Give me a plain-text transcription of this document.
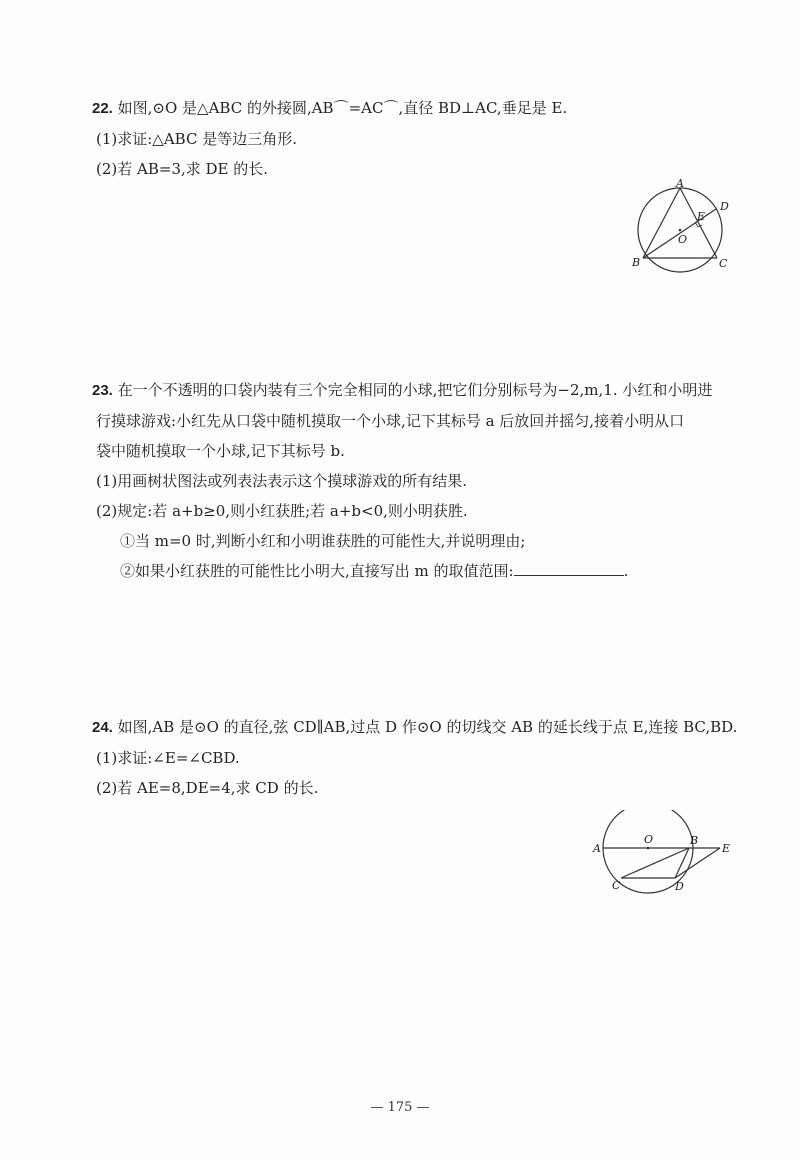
22. 如图,⊙O 是△ABC 的外接圆,AB⌒=AC⌒,直径 BD⊥AC,垂足是 E.
(1)求证:△ABC 是等边三角形.
(2)若 AB=3,求 DE 的长.
A
B	C
D
E
O
23. 在一个不透明的口袋内装有三个完全相同的小球,把它们分别标号为−2,m,1. 小红和小明进
行摸球游戏:小红先从口袋中随机摸取一个小球,记下其标号 a 后放回并摇匀,接着小明从口
袋中随机摸取一个小球,记下其标号 b.
(1)用画树状图法或列表法表示这个摸球游戏的所有结果.
(2)规定:若 a+b≥0,则小红获胜;若 a+b<0,则小明获胜.
①当 m=0 时,判断小红和小明谁获胜的可能性大,并说明理由;
②如果小红获胜的可能性比小明大,直接写出 m 的取值范围:	.
24. 如图,AB 是⊙O 的直径,弦 CD∥AB,过点 D 作⊙O 的切线交 AB 的延长线于点 E,连接 BC,BD.
(1)求证:∠E=∠CBD.
(2)若 AE=8,DE=4,求 CD 的长.
A
O	B
E
C	D
— 175 —
